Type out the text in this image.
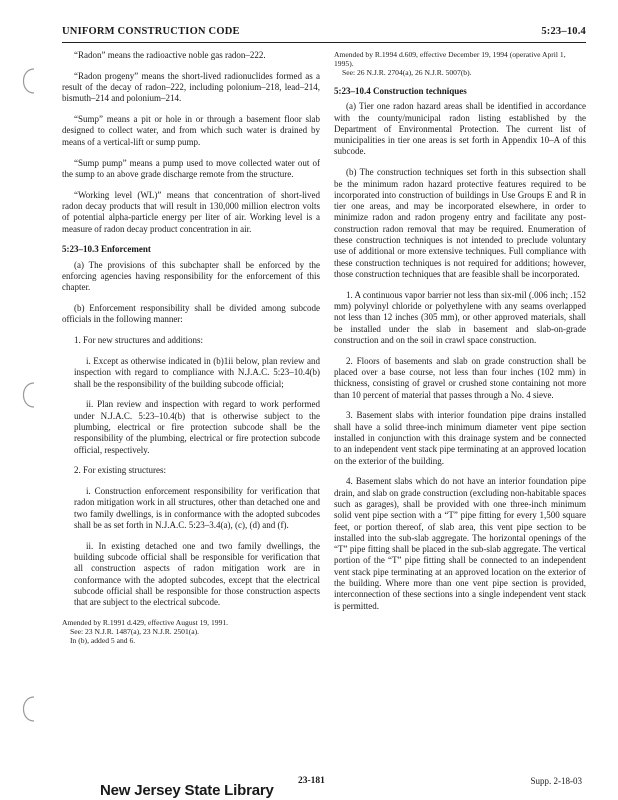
UNIFORM CONSTRUCTION CODE	5:23–10.4

“Radon” means the radioactive noble gas radon–222.

“Radon progeny” means the short-lived radionuclides formed as a result of the decay of radon–222, including polonium–218, lead–214, bismuth–214 and polonium–214.

“Sump” means a pit or hole in or through a basement floor slab designed to collect water, and from which such water is drained by means of a vertical-lift or sump pump.

“Sump pump” means a pump used to move collected water out of the sump to an above grade discharge remote from the structure.

“Working level (WL)” means that concentration of short-lived radon decay products that will result in 130,000 million electron volts of potential alpha-particle energy per liter of air. Working level is a measure of radon decay product concentration in air.

5:23–10.3 Enforcement

(a) The provisions of this subchapter shall be enforced by the enforcing agencies having responsibility for the enforcement of this chapter.

(b) Enforcement responsibility shall be divided among subcode officials in the following manner:

1. For new structures and additions:

i. Except as otherwise indicated in (b)1ii below, plan review and inspection with regard to compliance with N.J.A.C. 5:23–10.4(b) shall be the responsibility of the building subcode official;

ii. Plan review and inspection with regard to work performed under N.J.A.C. 5:23–10.4(b) that is otherwise subject to the plumbing, electrical or fire protection subcode shall be the responsibility of the plumbing, electrical or fire protection subcode official, respectively.

2. For existing structures:

i. Construction enforcement responsibility for verification that radon mitigation work in all structures, other than detached one and two family dwellings, is in conformance with the adopted subcodes shall be as set forth in N.J.A.C. 5:23–3.4(a), (c), (d) and (f).

ii. In existing detached one and two family dwellings, the building subcode official shall be responsible for verification that all construction aspects of radon mitigation work are in conformance with the adopted subcodes, except that the electrical subcode official shall be responsible for those construction aspects that are subject to the electrical subcode.

Amended by R.1991 d.429, effective August 19, 1991.
See: 23 N.J.R. 1487(a), 23 N.J.R. 2501(a).
In (b), added 5 and 6.
Amended by R.1994 d.609, effective December 19, 1994 (operative April 1, 1995).
See: 26 N.J.R. 2704(a), 26 N.J.R. 5007(b).
5:23–10.4 Construction techniques

(a) Tier one radon hazard areas shall be identified in accordance with the county/municipal radon listing established by the Department of Environmental Protection. The current list of municipalities in tier one areas is set forth in Appendix 10–A of this subcode.

(b) The construction techniques set forth in this subsection shall be the minimum radon hazard protective features required to be incorporated into construction of buildings in Use Groups E and R in tier one areas, and may be incorporated elsewhere, in order to minimize radon and radon progeny entry and facilitate any post-construction radon removal that may be required. Enumeration of these construction techniques is not intended to preclude voluntary use of additional or more extensive techniques. Full compliance with these construction techniques is not required for additions; however, those construction techniques that are feasible shall be incorporated.

1. A continuous vapor barrier not less than six-mil (.006 inch; .152 mm) polyvinyl chloride or polyethylene with any seams overlapped not less than 12 inches (305 mm), or other approved materials, shall be installed under the slab in basement and slab-on-grade construction and on the soil in crawl space construction.

2. Floors of basements and slab on grade construction shall be placed over a base course, not less than four inches (102 mm) in thickness, consisting of gravel or crushed stone containing not more than 10 percent of material that passes through a No. 4 sieve.

3. Basement slabs with interior foundation pipe drains installed shall have a solid three-inch minimum diameter vent pipe section installed in conjunction with this drainage system and be connected to an independent vent stack pipe terminating at an approved location on the exterior of the building.

4. Basement slabs which do not have an interior foundation pipe drain, and slab on grade construction (excluding non-habitable spaces such as garages), shall be provided with one three-inch minimum solid vent pipe section with a “T” pipe fitting for every 1,500 square feet, or portion thereof, of slab area, this vent pipe section to be installed into the sub-slab aggregate. The horizontal openings of the “T” pipe fitting shall be placed in the sub-slab aggregate. The vertical portion of the “T” pipe fitting shall be connected to an independent vent stack pipe terminating at an approved location on the exterior of the building. Where more than one vent pipe section is provided, interconnection of these sections into a single independent vent stack is permitted.

New Jersey State Library
23-181	Supp. 2-18-03
